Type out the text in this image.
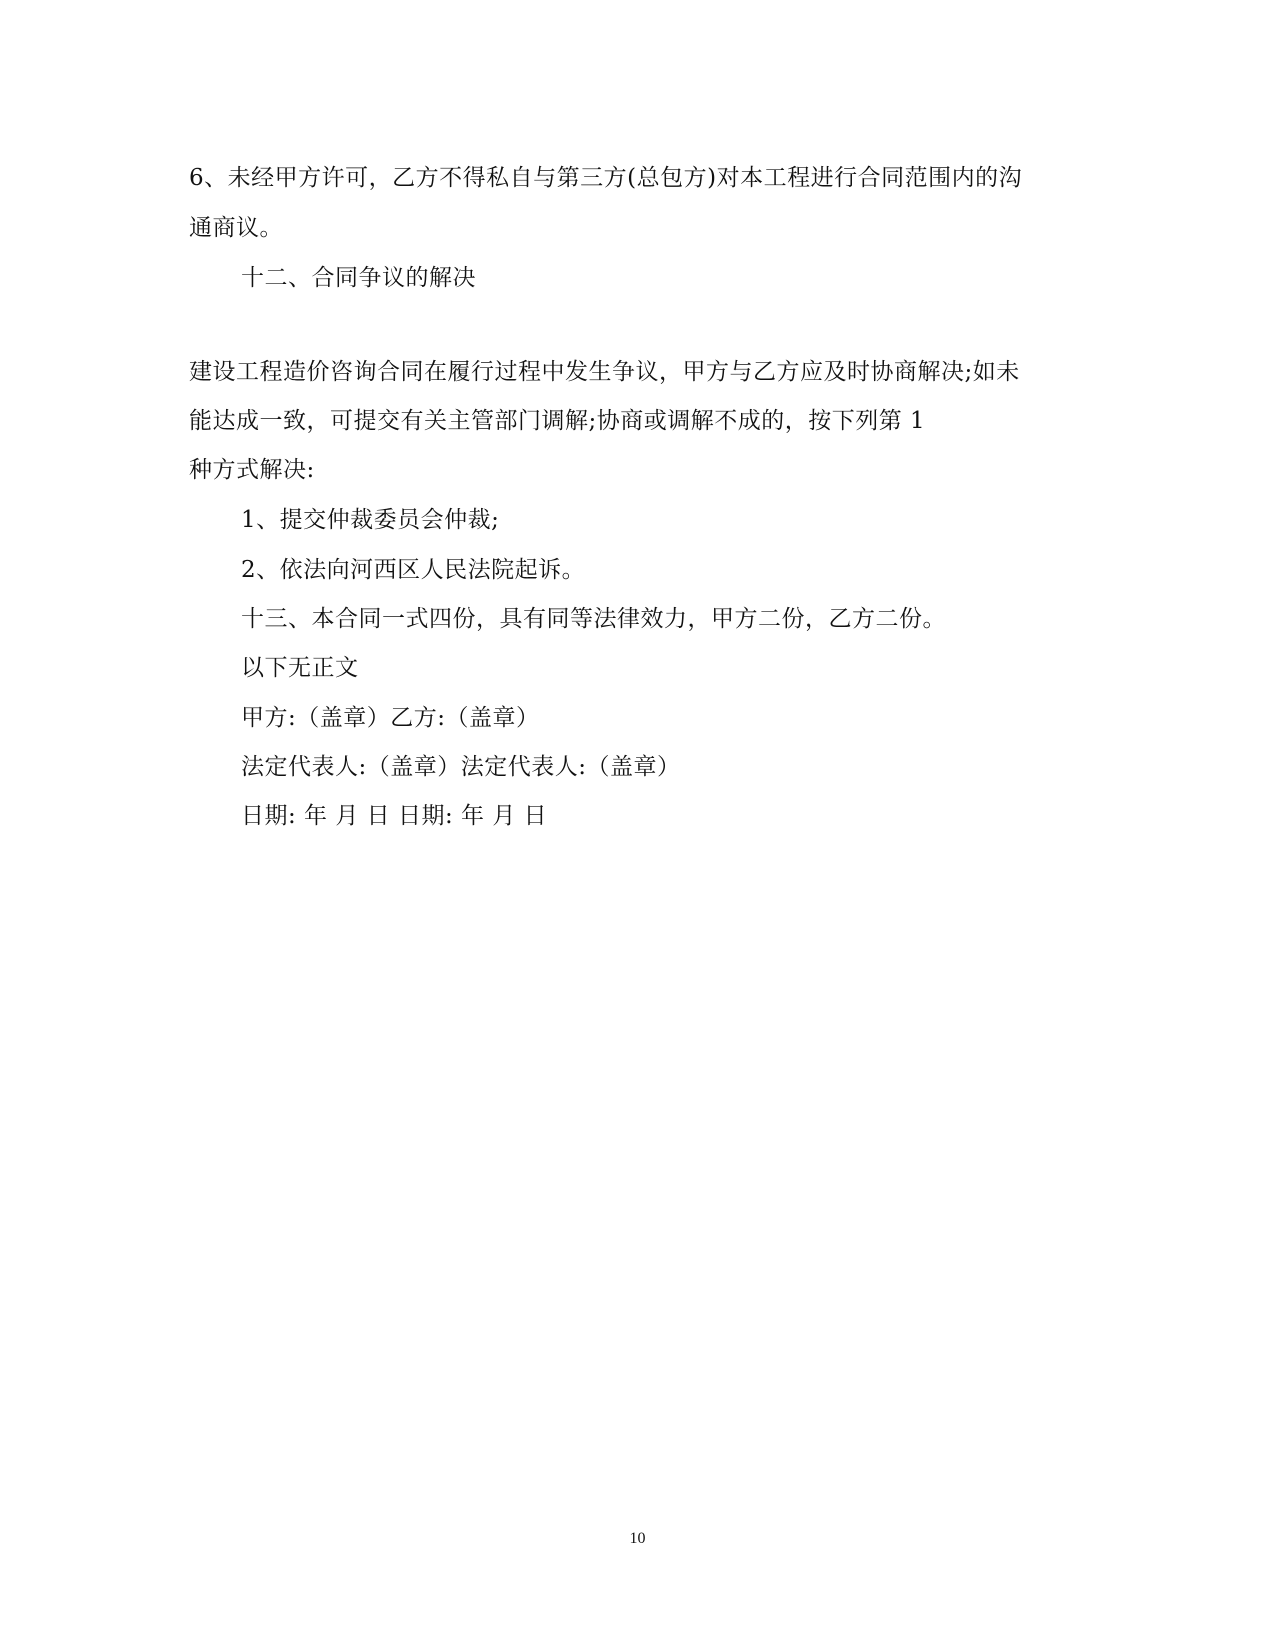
6、未经甲方许可，乙方不得私自与第三方(总包方)对本工程进行合同范围内的沟
通商议。
十二、合同争议的解决
建设工程造价咨询合同在履行过程中发生争议，甲方与乙方应及时协商解决;如未
能达成一致，可提交有关主管部门调解;协商或调解不成的，按下列第 1
种方式解决:
1、提交仲裁委员会仲裁;
2、依法向河西区人民法院起诉。
十三、本合同一式四份，具有同等法律效力，甲方二份，乙方二份。
以下无正文
甲方:（盖章）乙方:（盖章）
法定代表人:（盖章）法定代表人:（盖章）
日期: 年 月 日 日期: 年 月 日
10
